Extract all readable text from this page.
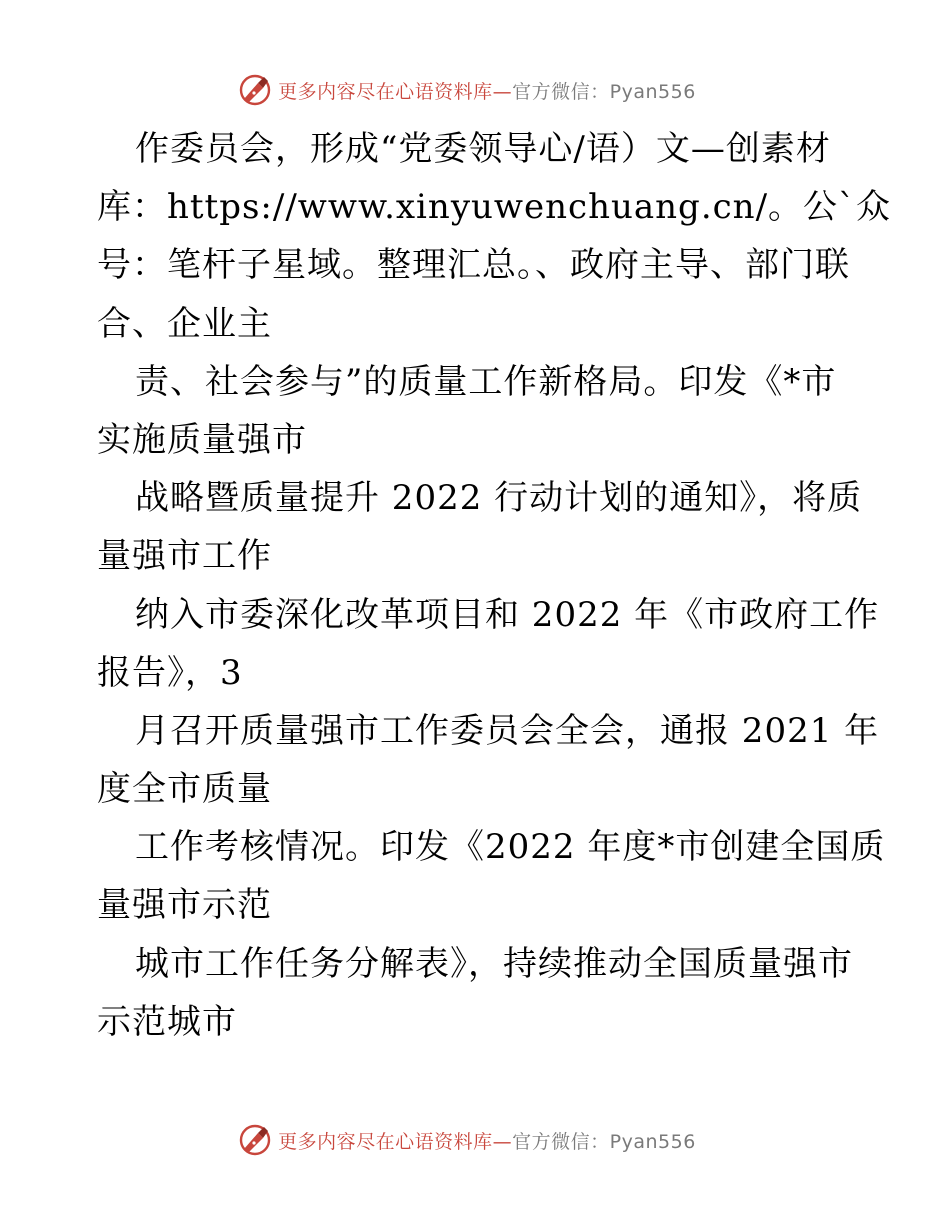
更多内容尽在心语资料库—官方微信：Pyan556
作委员会，形成“党委领导心/语）文—创素材
库：https://www.xinyuwenchuang.cn/。公`众
号：笔杆子星域。整理汇总。、政府主导、部门联
合、企业主
责、社会参与”的质量工作新格局。印发《*市
实施质量强市
战略暨质量提升 2022 行动计划的通知》，将质
量强市工作
纳入市委深化改革项目和 2022 年《市政府工作
报告》，3
月召开质量强市工作委员会全会，通报 2021 年
度全市质量
工作考核情况。印发《2022 年度*市创建全国质
量强市示范
城市工作任务分解表》，持续推动全国质量强市
示范城市
更多内容尽在心语资料库—官方微信：Pyan556
